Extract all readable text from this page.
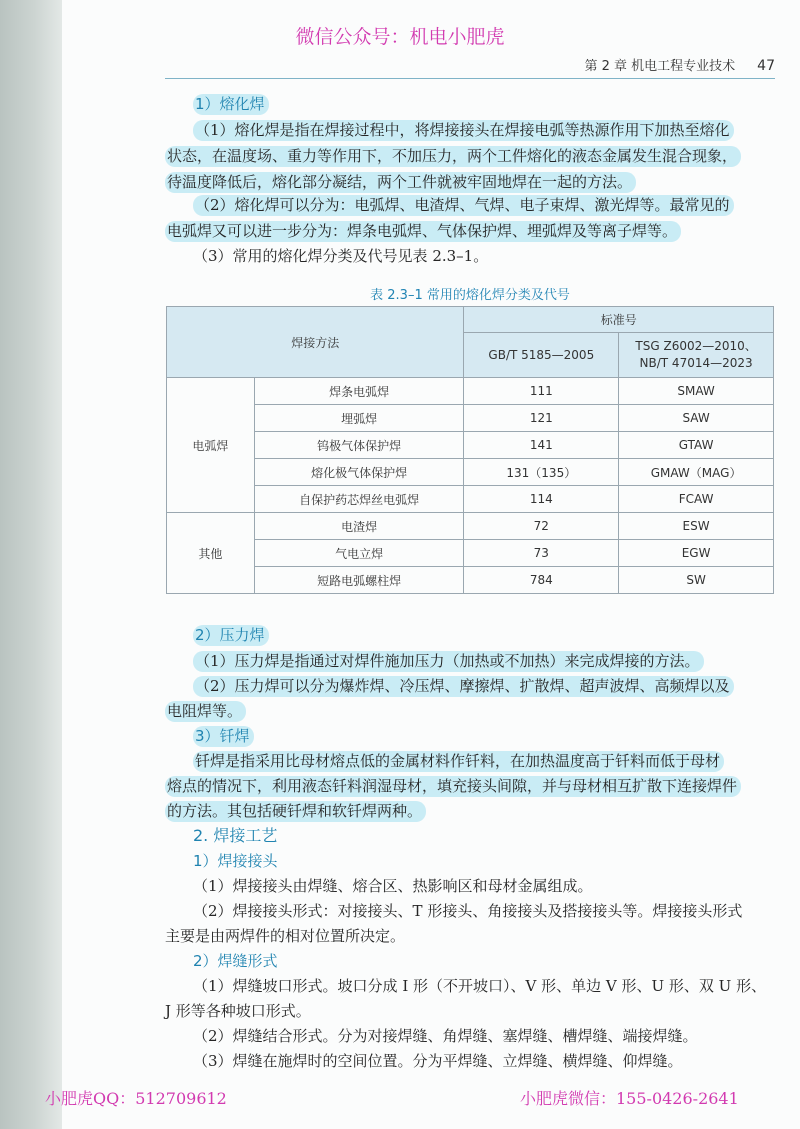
微信公众号：机电小肥虎
第 2 章 机电工程专业技术 47
1）熔化焊
（1）熔化焊是指在焊接过程中，将焊接接头在焊接电弧等热源作用下加热至熔化
状态，在温度场、重力等作用下，不加压力，两个工件熔化的液态金属发生混合现象，
待温度降低后，熔化部分凝结，两个工件就被牢固地焊在一起的方法。
（2）熔化焊可以分为：电弧焊、电渣焊、气焊、电子束焊、激光焊等。最常见的
电弧焊又可以进一步分为：焊条电弧焊、气体保护焊、埋弧焊及等离子焊等。
（3）常用的熔化焊分类及代号见表 2.3–1。
表 2.3–1 常用的熔化焊分类及代号
焊接方法		标准号	
		GB/T 5185—2005	TSG Z6002—2010、
NB/T 47014—2023
电弧焊	焊条电弧焊	111	SMAW
	埋弧焊	121	SAW
	钨极气体保护焊	141	GTAW
	熔化极气体保护焊	131（135）	GMAW（MAG）
	自保护药芯焊丝电弧焊	114	FCAW
其他	电渣焊	72	ESW
	气电立焊	73	EGW
	短路电弧螺柱焊	784	SW
2）压力焊
（1）压力焊是指通过对焊件施加压力（加热或不加热）来完成焊接的方法。
（2）压力焊可以分为爆炸焊、冷压焊、摩擦焊、扩散焊、超声波焊、高频焊以及
电阻焊等。
3）钎焊
钎焊是指采用比母材熔点低的金属材料作钎料，在加热温度高于钎料而低于母材
熔点的情况下，利用液态钎料润湿母材，填充接头间隙，并与母材相互扩散下连接焊件
的方法。其包括硬钎焊和软钎焊两种。
2. 焊接工艺
1）焊接接头
（1）焊接接头由焊缝、熔合区、热影响区和母材金属组成。
（2）焊接接头形式：对接接头、T 形接头、角接接头及搭接接头等。焊接接头形式
主要是由两焊件的相对位置所决定。
2）焊缝形式
（1）焊缝坡口形式。坡口分成 I 形（不开坡口）、V 形、单边 V 形、U 形、双 U 形、
J 形等各种坡口形式。
（2）焊缝结合形式。分为对接焊缝、角焊缝、塞焊缝、槽焊缝、端接焊缝。
（3）焊缝在施焊时的空间位置。分为平焊缝、立焊缝、横焊缝、仰焊缝。
小肥虎QQ：512709612	小肥虎微信：155-0426-2641
